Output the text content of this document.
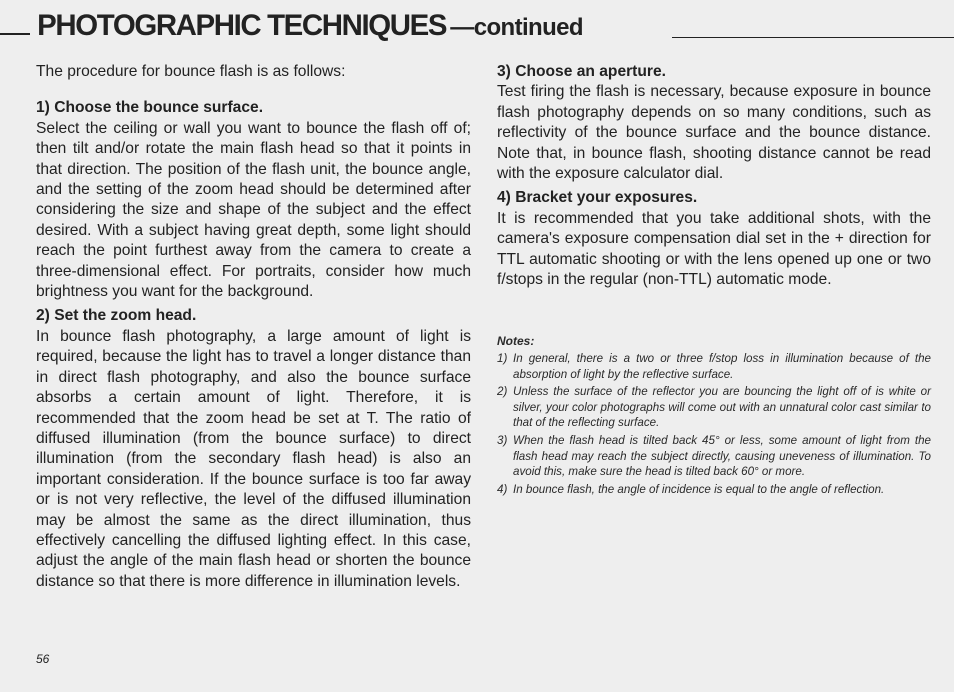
PHOTOGRAPHIC TECHNIQUES —continued

The procedure for bounce flash is as follows:

1) Choose the bounce surface.

Select the ceiling or wall you want to bounce the flash off of; then tilt and/or rotate the main flash head so that it points in that direction. The position of the flash unit, the bounce angle, and the setting of the zoom head should be determined after considering the size and shape of the subject and the effect desired. With a subject having great depth, some light should reach the point furthest away from the camera to create a three-dimensional effect. For portraits, consider how much brightness you want for the background.

2) Set the zoom head.

In bounce flash photography, a large amount of light is required, because the light has to travel a longer distance than in direct flash photography, and also the bounce surface absorbs a certain amount of light. Therefore, it is recommended that the zoom head be set at T. The ratio of diffused illumination (from the bounce surface) to direct illumination (from the secondary flash head) is also an important consideration. If the bounce surface is too far away or is not very reflective, the level of the diffused illumination may be almost the same as the direct illumination, thus effectively cancelling the diffused lighting effect. In this case, adjust the angle of the main flash head or shorten the bounce distance so that there is more difference in illumination levels.

3) Choose an aperture.

Test firing the flash is necessary, because exposure in bounce flash photography depends on so many conditions, such as reflectivity of the bounce surface and the bounce distance. Note that, in bounce flash, shooting distance cannot be read with the exposure calculator dial.

4) Bracket your exposures.

It is recommended that you take additional shots, with the camera's exposure compensation dial set in the + direction for TTL automatic shooting or with the lens opened up one or two f/stops in the regular (non-TTL) automatic mode.

Notes:
1) In general, there is a two or three f/stop loss in illumination because of the absorption of light by the reflective surface.
2) Unless the surface of the reflector you are bouncing the light off of is white or silver, your color photographs will come out with an unnatural color cast similar to that of the reflecting surface.
3) When the flash head is tilted back 45° or less, some amount of light from the flash head may reach the subject directly, causing uneveness of illumination. To avoid this, make sure the head is tilted back 60° or more.
4) In bounce flash, the angle of incidence is equal to the angle of reflection.
56
